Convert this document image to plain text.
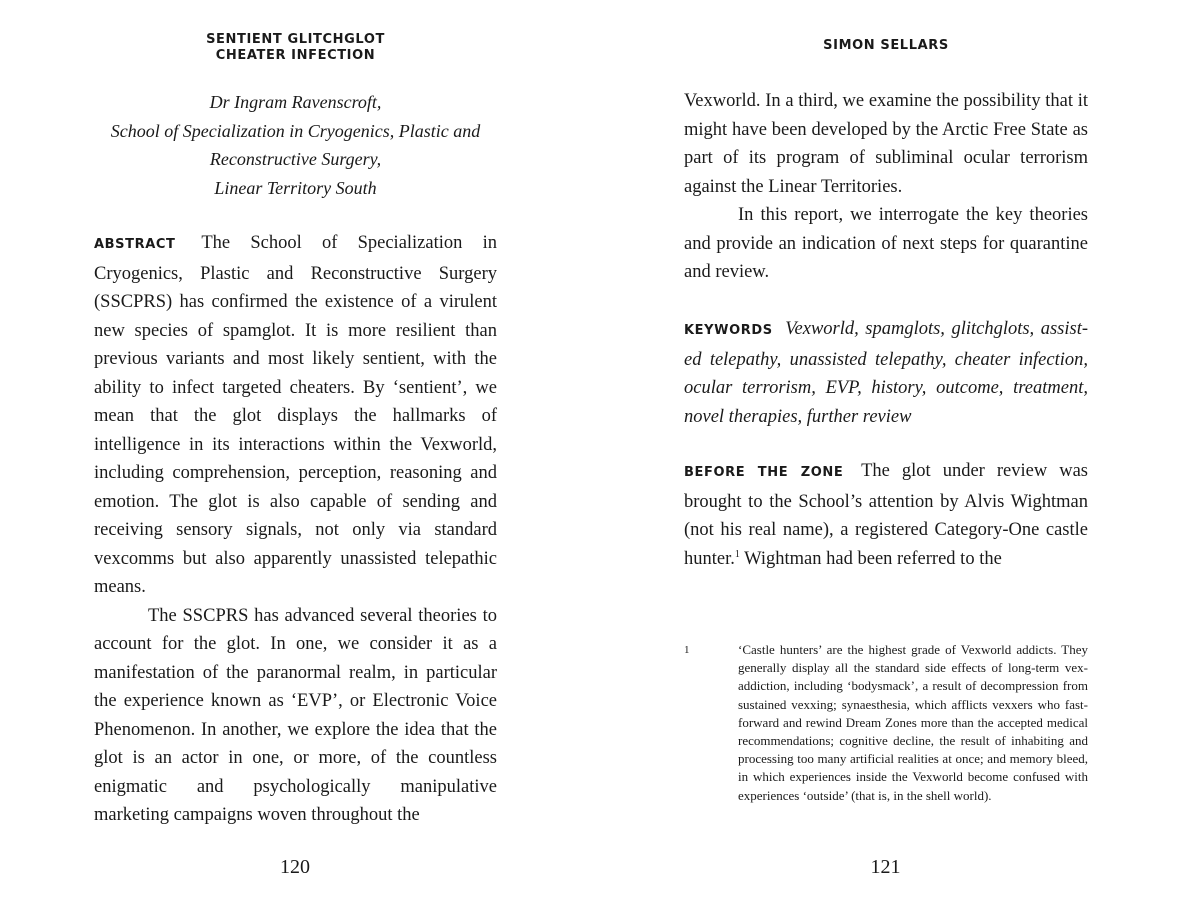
SENTIENT GLITCHGLOT
CHEATER INFECTION
Dr Ingram Ravenscroft,
School of Specialization in Cryogenics, Plastic and
Reconstructive Surgery,
Linear Territory South

ABSTRACT The School of Specialization in Cryogenics, Plastic and Reconstructive Surgery (SSCPRS) has confirmed the existence of a virulent new species of spamglot. It is more resilient than previous variants and most likely sentient, with the ability to infect targeted cheaters. By ‘sentient’, we mean that the glot displays the hallmarks of intelligence in its interactions within the Vexworld, including comprehension, perception, reasoning and emotion. The glot is also capable of sending and receiving sensory signals, not only via standard vexcomms but also apparently unassisted telepathic means.

The SSCPRS has advanced several theories to account for the glot. In one, we consider it as a manifestation of the paranormal realm, in particular the experience known as ‘EVP’, or Electronic Voice Phenomenon. In another, we explore the idea that the glot is an actor in one, or more, of the countless enigmatic and psychologically manipulative marketing campaigns woven throughout the

120
SIMON SELLARS

Vexworld. In a third, we examine the possibility that it might have been developed by the Arctic Free State as part of its program of subliminal ocular terrorism against the Linear Territories.

In this report, we interrogate the key theories and provide an indication of next steps for quarantine and review.

KEYWORDS Vexworld, spamglots, glitchglots, assisted telepathy, unassisted telepathy, cheater infection, ocular terrorism, EVP, history, outcome, treatment, novel therapies, further review

BEFORE THE ZONE The glot under review was brought to the School’s attention by Alvis Wightman (not his real name), a registered Category-One castle hunter.$^1$ Wightman had been referred to the

1	‘Castle hunters’ are the highest grade of Vexworld addicts. They generally display all the standard side effects of long-term vex-addiction, including ‘bodysmack’, a result of decompression from sustained vexxing; synaesthesia, which afflicts vexxers who fast-forward and rewind Dream Zones more than the accepted medical recommendations; cognitive decline, the result of inhabiting and processing too many artificial realities at once; and memory bleed, in which experiences inside the Vexworld become confused with experiences ‘outside’ (that is, in the shell world).
121
